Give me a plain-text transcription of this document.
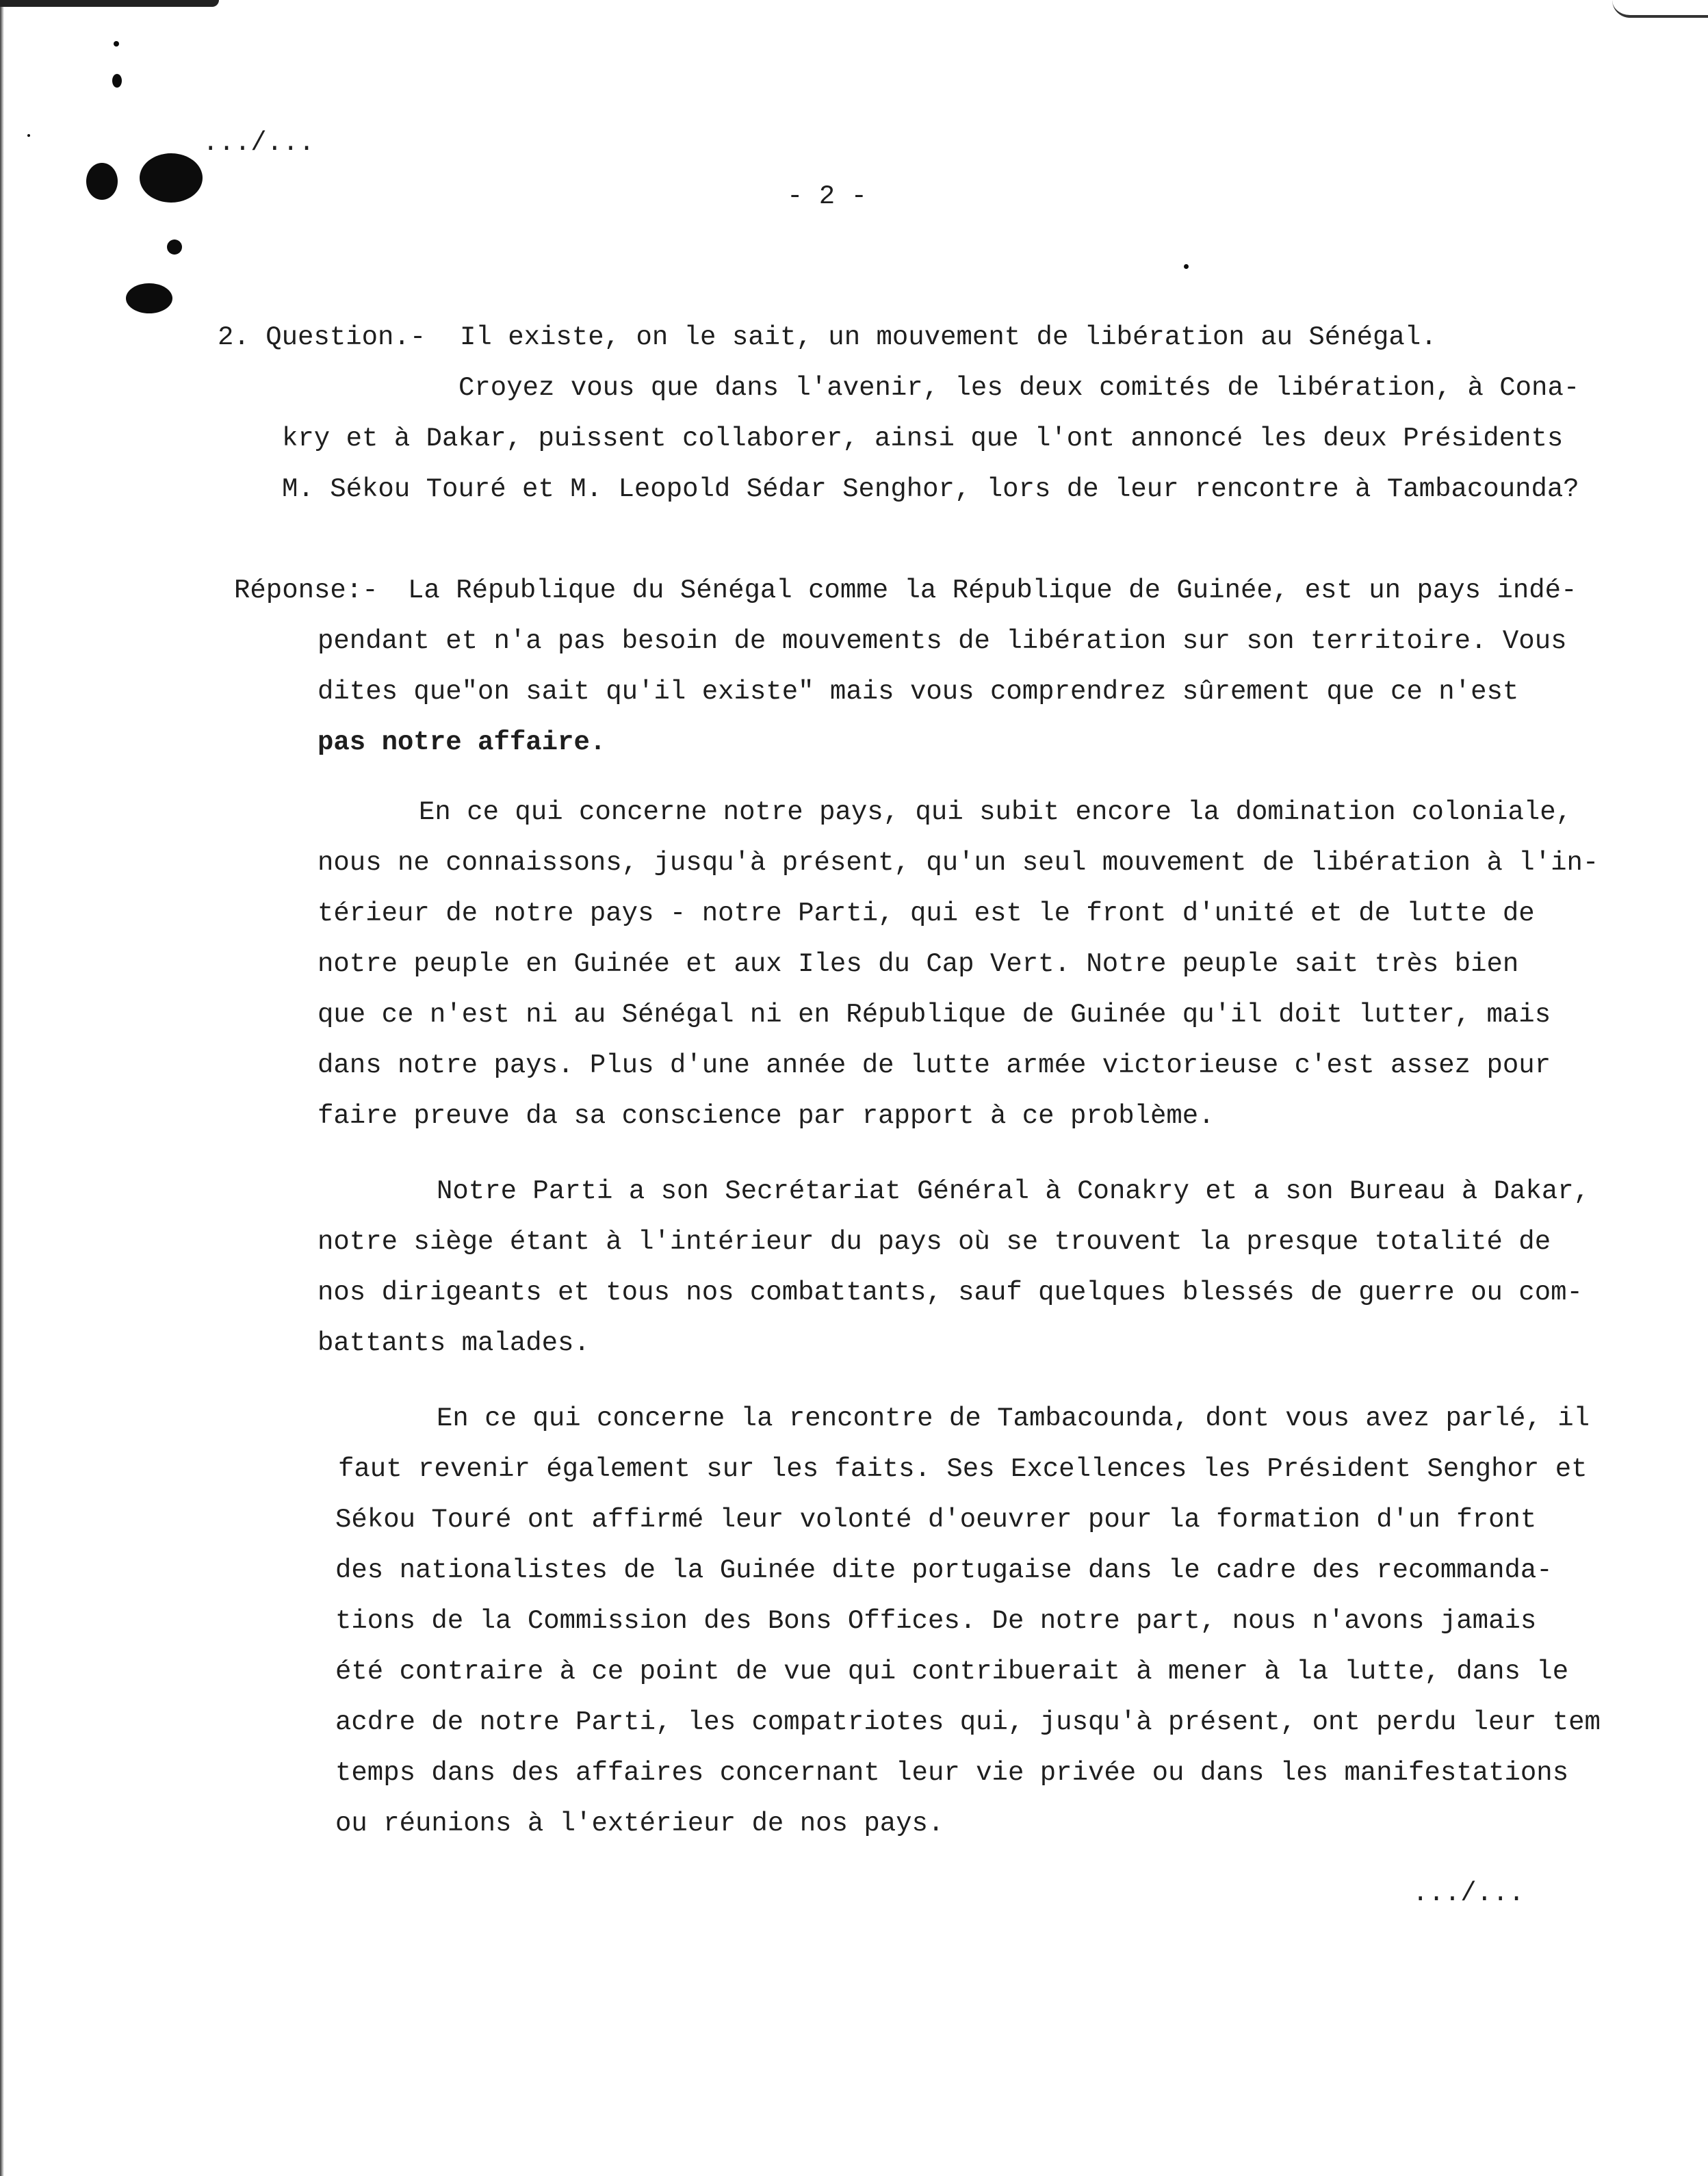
.../...
- 2 -
2. Question.- Il existe, on le sait, un mouvement de libération au Sénégal.
Croyez vous que dans l'avenir, les deux comités de libération, à Cona-
kry et à Dakar, puissent collaborer, ainsi que l'ont annoncé les deux Présidents
M. Sékou Touré et M. Leopold Sédar Senghor, lors de leur rencontre à Tambacounda?
Réponse:- La République du Sénégal comme la République de Guinée, est un pays indé-
pendant et n'a pas besoin de mouvements de libération sur son territoire. Vous
dites que"on sait qu'il existe" mais vous comprendrez sûrement que ce n'est
pas notre affaire.
En ce qui concerne notre pays, qui subit encore la domination coloniale,
nous ne connaissons, jusqu'à présent, qu'un seul mouvement de libération à l'in-
térieur de notre pays - notre Parti, qui est le front d'unité et de lutte de
notre peuple en Guinée et aux Iles du Cap Vert. Notre peuple sait très bien
que ce n'est ni au Sénégal ni en République de Guinée qu'il doit lutter, mais
dans notre pays. Plus d'une année de lutte armée victorieuse c'est assez pour
faire preuve da sa conscience par rapport à ce problème.
Notre Parti a son Secrétariat Général à Conakry et a son Bureau à Dakar,
notre siège étant à l'intérieur du pays où se trouvent la presque totalité de
nos dirigeants et tous nos combattants, sauf quelques blessés de guerre ou com-
battants malades.
En ce qui concerne la rencontre de Tambacounda, dont vous avez parlé, il
faut revenir également sur les faits. Ses Excellences les Président Senghor et
Sékou Touré ont affirmé leur volonté d'oeuvrer pour la formation d'un front
des nationalistes de la Guinée dite portugaise dans le cadre des recommanda-
tions de la Commission des Bons Offices. De notre part, nous n'avons jamais
été contraire à ce point de vue qui contribuerait à mener à la lutte, dans le
acdre de notre Parti, les compatriotes qui, jusqu'à présent, ont perdu leur tem
temps dans des affaires concernant leur vie privée ou dans les manifestations
ou réunions à l'extérieur de nos pays.
.../...
